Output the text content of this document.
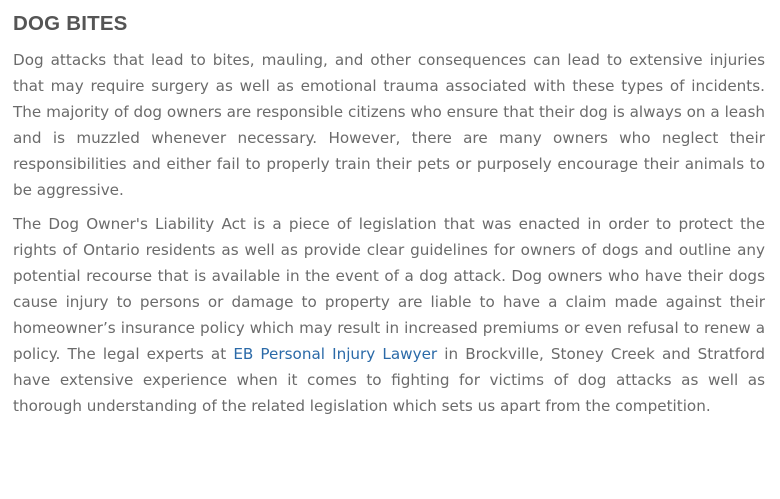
DOG BITES

Dog attacks that lead to bites, mauling, and other consequences can lead to extensive injuries that may require surgery as well as emotional trauma associated with these types of incidents. The majority of dog owners are responsible citizens who ensure that their dog is always on a leash and is muzzled whenever necessary. However, there are many owners who neglect their responsibilities and either fail to properly train their pets or purposely encourage their animals to be aggressive.

The Dog Owner's Liability Act is a piece of legislation that was enacted in order to protect the rights of Ontario residents as well as provide clear guidelines for owners of dogs and outline any potential recourse that is available in the event of a dog attack. Dog owners who have their dogs cause injury to persons or damage to property are liable to have a claim made against their homeowner’s insurance policy which may result in increased premiums or even refusal to renew a policy. The legal experts at EB Personal Injury Lawyer in Brockville, Stoney Creek and Stratford have extensive experience when it comes to fighting for victims of dog attacks as well as thorough understanding of the related legislation which sets us apart from the competition.
